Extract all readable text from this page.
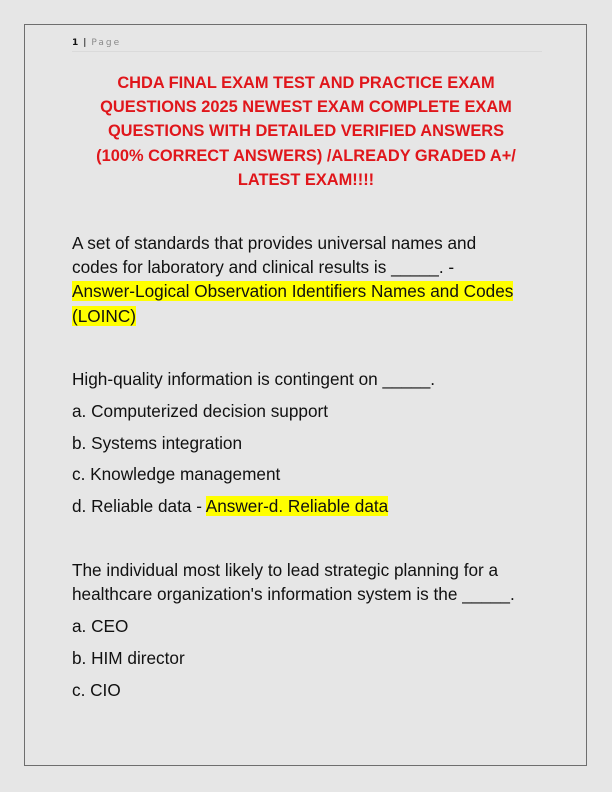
1 | Page
CHDA FINAL EXAM TEST AND PRACTICE EXAM
QUESTIONS 2025 NEWEST EXAM COMPLETE EXAM
QUESTIONS WITH DETAILED VERIFIED ANSWERS
(100% CORRECT ANSWERS) /ALREADY GRADED A+/
LATEST EXAM!!!!
A set of standards that provides universal names and
codes for laboratory and clinical results is _____. -
Answer-Logical Observation Identifiers Names and Codes
(LOINC)

High-quality information is contingent on _____.

a. Computerized decision support

b. Systems integration

c. Knowledge management

d. Reliable data - Answer-d. Reliable data

The individual most likely to lead strategic planning for a

healthcare organization's information system is the _____.

a. CEO

b. HIM director

c. CIO
